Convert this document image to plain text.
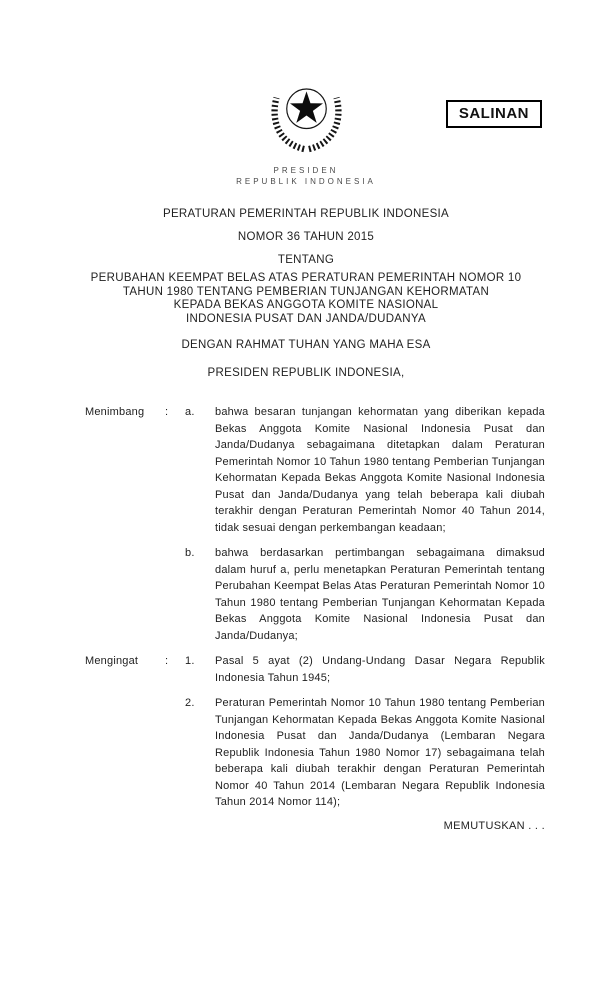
SALINAN
PRESIDEN
REPUBLIK INDONESIA
PERATURAN PEMERINTAH REPUBLIK INDONESIA
NOMOR 36 TAHUN 2015
TENTANG
PERUBAHAN KEEMPAT BELAS ATAS PERATURAN PEMERINTAH NOMOR 10
TAHUN 1980 TENTANG PEMBERIAN TUNJANGAN KEHORMATAN
KEPADA BEKAS ANGGOTA KOMITE NASIONAL
INDONESIA PUSAT DAN JANDA/DUDANYA
DENGAN RAHMAT TUHAN YANG MAHA ESA
PRESIDEN REPUBLIK INDONESIA,
Menimbang	:	a.	bahwa besaran tunjangan kehormatan yang diberikan kepada Bekas Anggota Komite Nasional Indonesia Pusat dan Janda/Dudanya sebagaimana ditetapkan dalam Peraturan Pemerintah Nomor 10 Tahun 1980 tentang Pemberian Tunjangan Kehormatan Kepada Bekas Anggota Komite Nasional Indonesia Pusat dan Janda/Dudanya yang telah beberapa kali diubah terakhir dengan Peraturan Pemerintah Nomor 40 Tahun 2014, tidak sesuai dengan perkembangan keadaan;
b.	bahwa berdasarkan pertimbangan sebagaimana dimaksud dalam huruf a, perlu menetapkan Peraturan Pemerintah tentang Perubahan Keempat Belas Atas Peraturan Pemerintah Nomor 10 Tahun 1980 tentang Pemberian Tunjangan Kehormatan Kepada Bekas Anggota Komite Nasional Indonesia Pusat dan Janda/Dudanya;
Mengingat	:	1.	Pasal 5 ayat (2) Undang-Undang Dasar Negara Republik Indonesia Tahun 1945;
2.	Peraturan Pemerintah Nomor 10 Tahun 1980 tentang Pemberian Tunjangan Kehormatan Kepada Bekas Anggota Komite Nasional Indonesia Pusat dan Janda/Dudanya (Lembaran Negara Republik Indonesia Tahun 1980 Nomor 17) sebagaimana telah beberapa kali diubah terakhir dengan Peraturan Pemerintah Nomor 40 Tahun 2014 (Lembaran Negara Republik Indonesia Tahun 2014 Nomor 114);
MEMUTUSKAN . . .
